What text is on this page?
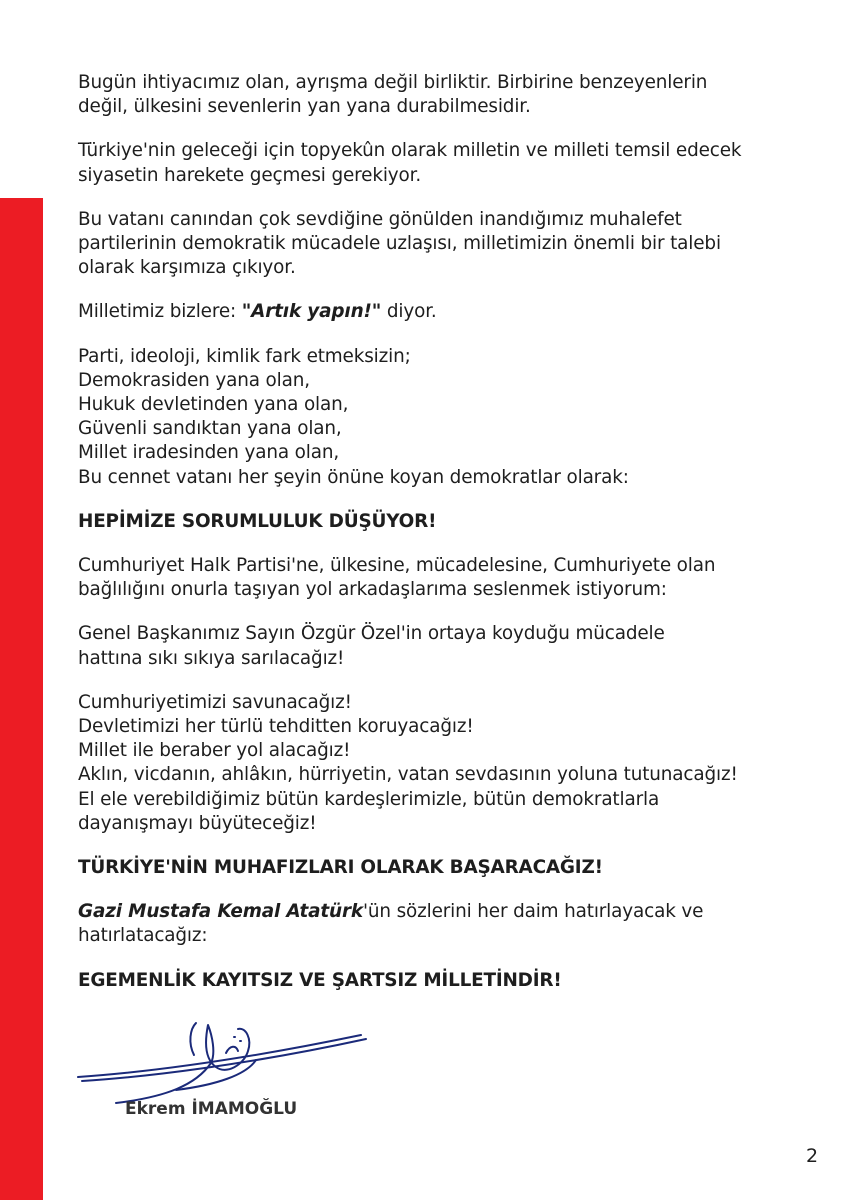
Bugün ihtiyacımız olan, ayrışma değil birliktir. Birbirine benzeyenlerin
değil, ülkesini sevenlerin yan yana durabilmesidir.

Türkiye'nin geleceği için topyekûn olarak milletin ve milleti temsil edecek
siyasetin harekete geçmesi gerekiyor.

Bu vatanı canından çok sevdiğine gönülden inandığımız muhalefet
partilerinin demokratik mücadele uzlaşısı, milletimizin önemli bir talebi
olarak karşımıza çıkıyor.

Milletimiz bizlere: "Artık yapın!" diyor.

Parti, ideoloji, kimlik fark etmeksizin;
Demokrasiden yana olan,
Hukuk devletinden yana olan,
Güvenli sandıktan yana olan,
Millet iradesinden yana olan,
Bu cennet vatanı her şeyin önüne koyan demokratlar olarak:

HEPİMİZE SORUMLULUK DÜŞÜYOR!

Cumhuriyet Halk Partisi'ne, ülkesine, mücadelesine, Cumhuriyete olan
bağlılığını onurla taşıyan yol arkadaşlarıma seslenmek istiyorum:

Genel Başkanımız Sayın Özgür Özel'in ortaya koyduğu mücadele
hattına sıkı sıkıya sarılacağız!

Cumhuriyetimizi savunacağız!
Devletimizi her türlü tehditten koruyacağız!
Millet ile beraber yol alacağız!
Aklın, vicdanın, ahlâkın, hürriyetin, vatan sevdasının yoluna tutunacağız!
El ele verebildiğimiz bütün kardeşlerimizle, bütün demokratlarla
dayanışmayı büyüteceğiz!

TÜRKİYE'NİN MUHAFIZLARI OLARAK BAŞARACAĞIZ!

Gazi Mustafa Kemal Atatürk'ün sözlerini her daim hatırlayacak ve
hatırlatacağız:

EGEMENLİK KAYITSIZ VE ŞARTSIZ MİLLETİNDİR!

Ekrem İMAMOĞLU
2
